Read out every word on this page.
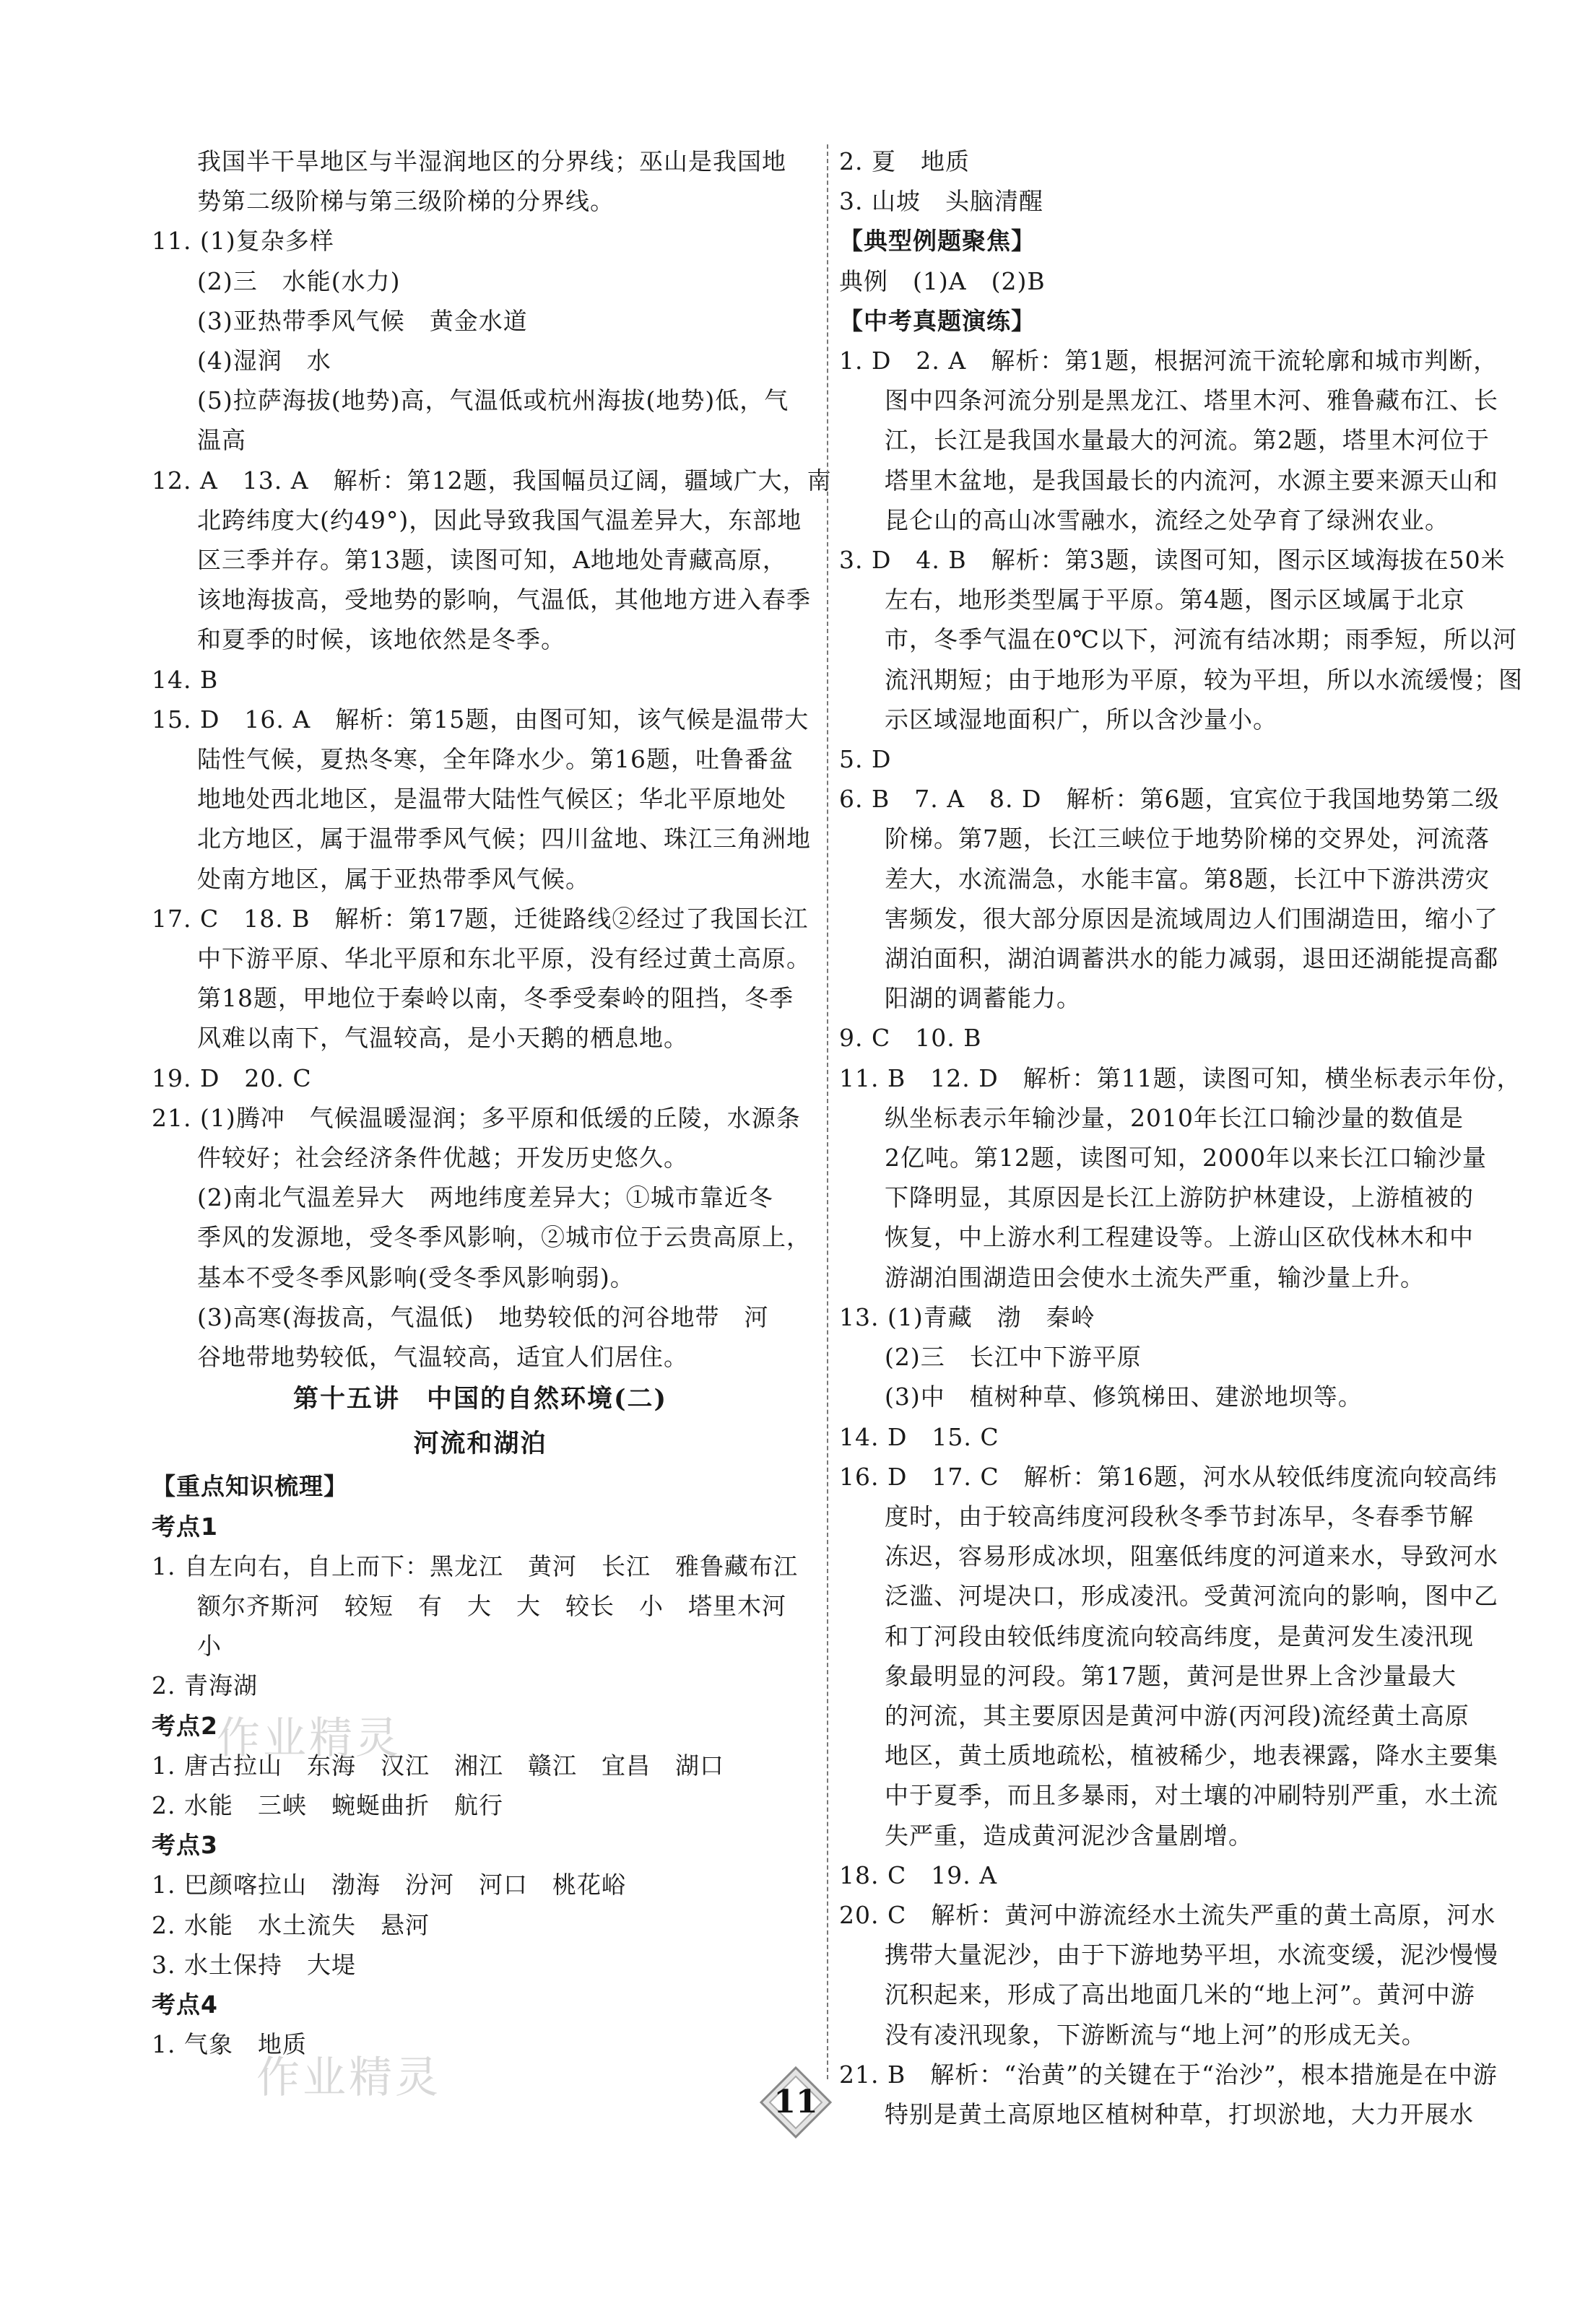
我国半干旱地区与半湿润地区的分界线；巫山是我国地
势第二级阶梯与第三级阶梯的分界线。
11. (1)复杂多样
(2)三　水能(水力)
(3)亚热带季风气候　黄金水道
(4)湿润　水
(5)拉萨海拔(地势)高，气温低或杭州海拔(地势)低，气
温高
12. A　13. A　解析：第12题，我国幅员辽阔，疆域广大，南
北跨纬度大(约49°)，因此导致我国气温差异大，东部地
区三季并存。第13题，读图可知，A地地处青藏高原，
该地海拔高，受地势的影响，气温低，其他地方进入春季
和夏季的时候，该地依然是冬季。
14. B
15. D　16. A　解析：第15题，由图可知，该气候是温带大
陆性气候，夏热冬寒，全年降水少。第16题，吐鲁番盆
地地处西北地区，是温带大陆性气候区；华北平原地处
北方地区，属于温带季风气候；四川盆地、珠江三角洲地
处南方地区，属于亚热带季风气候。
17. C　18. B　解析：第17题，迁徙路线②经过了我国长江
中下游平原、华北平原和东北平原，没有经过黄土高原。
第18题，甲地位于秦岭以南，冬季受秦岭的阻挡，冬季
风难以南下，气温较高，是小天鹅的栖息地。
19. D　20. C
21. (1)腾冲　气候温暖湿润；多平原和低缓的丘陵，水源条
件较好；社会经济条件优越；开发历史悠久。
(2)南北气温差异大　两地纬度差异大；①城市靠近冬
季风的发源地，受冬季风影响，②城市位于云贵高原上，
基本不受冬季风影响(受冬季风影响弱)。
(3)高寒(海拔高，气温低)　地势较低的河谷地带　河
谷地带地势较低，气温较高，适宜人们居住。
第十五讲　中国的自然环境(二)
河流和湖泊
【重点知识梳理】
考点1
1. 自左向右，自上而下：黑龙江　黄河　长江　雅鲁藏布江
额尔齐斯河　较短　有　大　大　较长　小　塔里木河
小
2. 青海湖
考点2
1. 唐古拉山　东海　汉江　湘江　赣江　宜昌　湖口
2. 水能　三峡　蜿蜒曲折　航行
考点3
1. 巴颜喀拉山　渤海　汾河　河口　桃花峪
2. 水能　水土流失　悬河
3. 水土保持　大堤
考点4
1. 气象　地质
2. 夏　地质
3. 山坡　头脑清醒
【典型例题聚焦】
典例　(1)A　(2)B
【中考真题演练】
1. D　2. A　解析：第1题，根据河流干流轮廓和城市判断，
图中四条河流分别是黑龙江、塔里木河、雅鲁藏布江、长
江，长江是我国水量最大的河流。第2题，塔里木河位于
塔里木盆地，是我国最长的内流河，水源主要来源天山和
昆仑山的高山冰雪融水，流经之处孕育了绿洲农业。
3. D　4. B　解析：第3题，读图可知，图示区域海拔在50米
左右，地形类型属于平原。第4题，图示区域属于北京
市，冬季气温在0℃以下，河流有结冰期；雨季短，所以河
流汛期短；由于地形为平原，较为平坦，所以水流缓慢；图
示区域湿地面积广，所以含沙量小。
5. D
6. B　7. A　8. D　解析：第6题，宜宾位于我国地势第二级
阶梯。第7题，长江三峡位于地势阶梯的交界处，河流落
差大，水流湍急，水能丰富。第8题，长江中下游洪涝灾
害频发，很大部分原因是流域周边人们围湖造田，缩小了
湖泊面积，湖泊调蓄洪水的能力减弱，退田还湖能提高鄱
阳湖的调蓄能力。
9. C　10. B
11. B　12. D　解析：第11题，读图可知，横坐标表示年份，
纵坐标表示年输沙量，2010年长江口输沙量的数值是
2亿吨。第12题，读图可知，2000年以来长江口输沙量
下降明显，其原因是长江上游防护林建设，上游植被的
恢复，中上游水利工程建设等。上游山区砍伐林木和中
游湖泊围湖造田会使水土流失严重，输沙量上升。
13. (1)青藏　渤　秦岭
(2)三　长江中下游平原
(3)中　植树种草、修筑梯田、建淤地坝等。
14. D　15. C
16. D　17. C　解析：第16题，河水从较低纬度流向较高纬
度时，由于较高纬度河段秋冬季节封冻早，冬春季节解
冻迟，容易形成冰坝，阻塞低纬度的河道来水，导致河水
泛滥、河堤决口，形成凌汛。受黄河流向的影响，图中乙
和丁河段由较低纬度流向较高纬度，是黄河发生凌汛现
象最明显的河段。第17题，黄河是世界上含沙量最大
的河流，其主要原因是黄河中游(丙河段)流经黄土高原
地区，黄土质地疏松，植被稀少，地表裸露，降水主要集
中于夏季，而且多暴雨，对土壤的冲刷特别严重，水土流
失严重，造成黄河泥沙含量剧增。
18. C　19. A
20. C　解析：黄河中游流经水土流失严重的黄土高原，河水
携带大量泥沙，由于下游地势平坦，水流变缓，泥沙慢慢
沉积起来，形成了高出地面几米的“地上河”。黄河中游
没有凌汛现象，下游断流与“地上河”的形成无关。
21. B　解析：“治黄”的关键在于“治沙”，根本措施是在中游
特别是黄土高原地区植树种草，打坝淤地，大力开展水
11
作业精灵
作业精灵
